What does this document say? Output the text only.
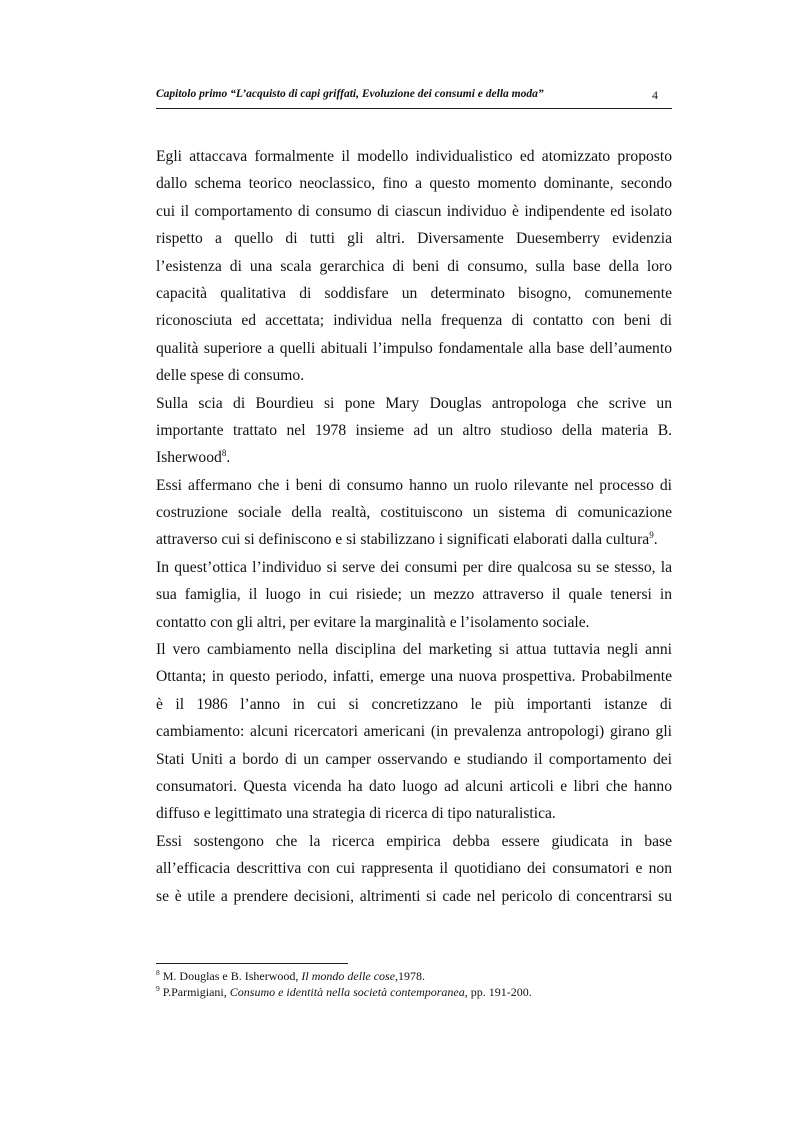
Capitolo primo “L’acquisto di capi griffati, Evoluzione dei consumi e della moda”	4

Egli attaccava formalmente il modello individualistico ed atomizzato proposto
dallo schema teorico neoclassico, fino a questo momento dominante, secondo
cui il comportamento di consumo di ciascun individuo è indipendente ed isolato
rispetto a quello di tutti gli altri. Diversamente Duesemberry evidenzia
l’esistenza di una scala gerarchica di beni di consumo, sulla base della loro
capacità qualitativa di soddisfare un determinato bisogno, comunemente
riconosciuta ed accettata; individua nella frequenza di contatto con beni di
qualità superiore a quelli abituali l’impulso fondamentale alla base dell’aumento
delle spese di consumo.

Sulla scia di Bourdieu si pone Mary Douglas antropologa che scrive un
importante trattato nel 1978 insieme ad un altro studioso della materia B.
Isherwood$^8$.

Essi affermano che i beni di consumo hanno un ruolo rilevante nel processo di
costruzione sociale della realtà, costituiscono un sistema di comunicazione
attraverso cui si definiscono e si stabilizzano i significati elaborati dalla cultura$^9$.

In quest’ottica l’individuo si serve dei consumi per dire qualcosa su se stesso, la
sua famiglia, il luogo in cui risiede; un mezzo attraverso il quale tenersi in
contatto con gli altri, per evitare la marginalità e l’isolamento sociale.

Il vero cambiamento nella disciplina del marketing si attua tuttavia negli anni
Ottanta; in questo periodo, infatti, emerge una nuova prospettiva. Probabilmente
è il 1986 l’anno in cui si concretizzano le più importanti istanze di
cambiamento: alcuni ricercatori americani (in prevalenza antropologi) girano gli
Stati Uniti a bordo di un camper osservando e studiando il comportamento dei
consumatori. Questa vicenda ha dato luogo ad alcuni articoli e libri che hanno
diffuso e legittimato una strategia di ricerca di tipo naturalistica.

Essi sostengono che la ricerca empirica debba essere giudicata in base
all’efficacia descrittiva con cui rappresenta il quotidiano dei consumatori e non
se è utile a prendere decisioni, altrimenti si cade nel pericolo di concentrarsi su

$^8$ M. Douglas e B. Isherwood, Il mondo delle cose,1978.
$^9$ P.Parmigiani, Consumo e identità nella società contemporanea, pp. 191-200.
